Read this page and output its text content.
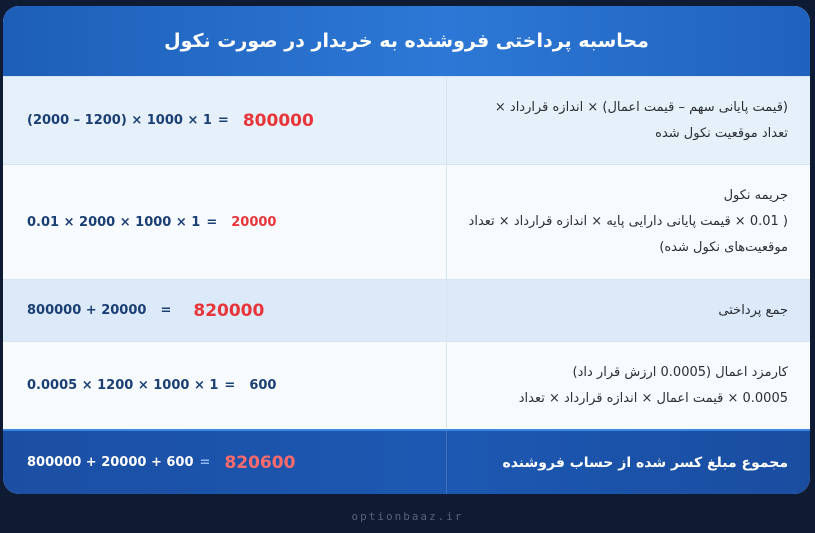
محاسبه پرداختی فروشنده به خریدار در صورت نکول
(2000 – 1200) × 1000 × 1 = 800000
(قیمت پایانی سهم – قیمت اعمال) × اندازه قرارداد ×
تعداد موقعیت نکول شده
0.01 × 2000 × 1000 × 1 = 20000
جریمه نکول
( 0.01 × قیمت پایانی دارایی پایه × اندازه قرارداد × تعداد
موقعیت‌های نکول شده)
800000 + 20000 = 820000	جمع پرداختی
0.0005 × 1200 × 1000 × 1 = 600
کارمزد اعمال (0.0005 ارزش قرار داد)
0.0005 × قیمت اعمال × اندازه قرارداد × تعداد
800000 + 20000 + 600 = 820600	مجموع مبلغ کسر شده از حساب فروشنده
optionbaaz.ir
